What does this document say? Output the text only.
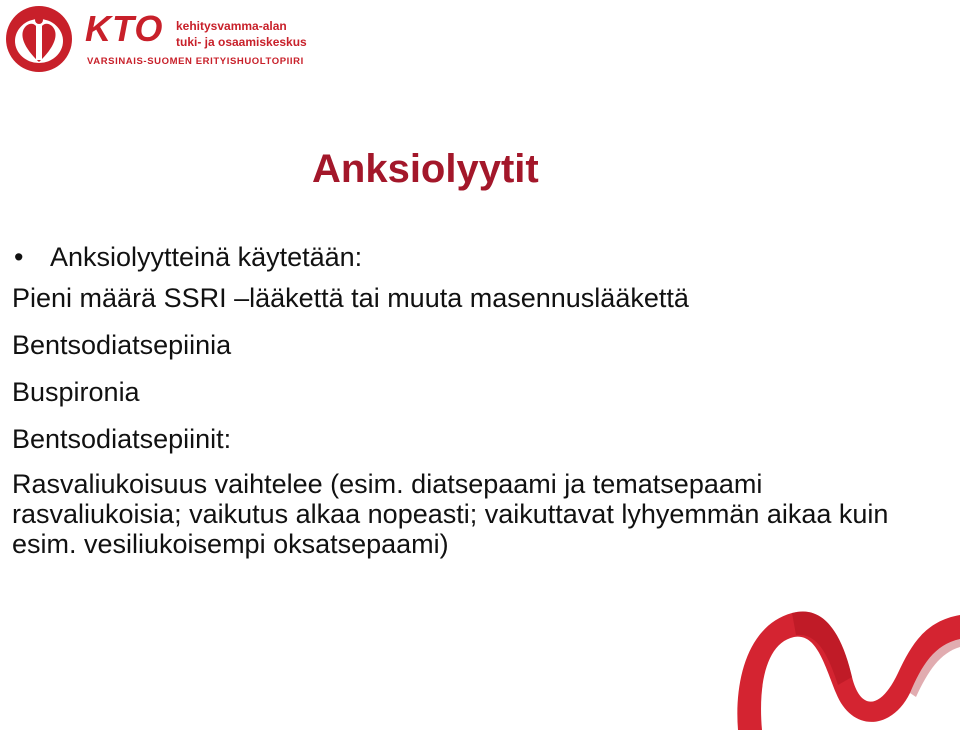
KTO kehitysvamma-alan
tuki- ja osaamiskeskus
VARSINAIS-SUOMEN ERITYISHUOLTOPIIRI
Anksiolyytit
• Anksiolyytteinä käytetään:
Pieni määrä SSRI –lääkettä tai muuta masennuslääkettä
Bentsodiatsepiinia
Buspironia
Bentsodiatsepiinit:
Rasvaliukoisuus vaihtelee (esim. diatsepaami ja tematsepaami rasvaliukoisia; vaikutus alkaa nopeasti; vaikuttavat lyhyemmän aikaa kuin esim. vesiliukoisempi oksatsepaami)
